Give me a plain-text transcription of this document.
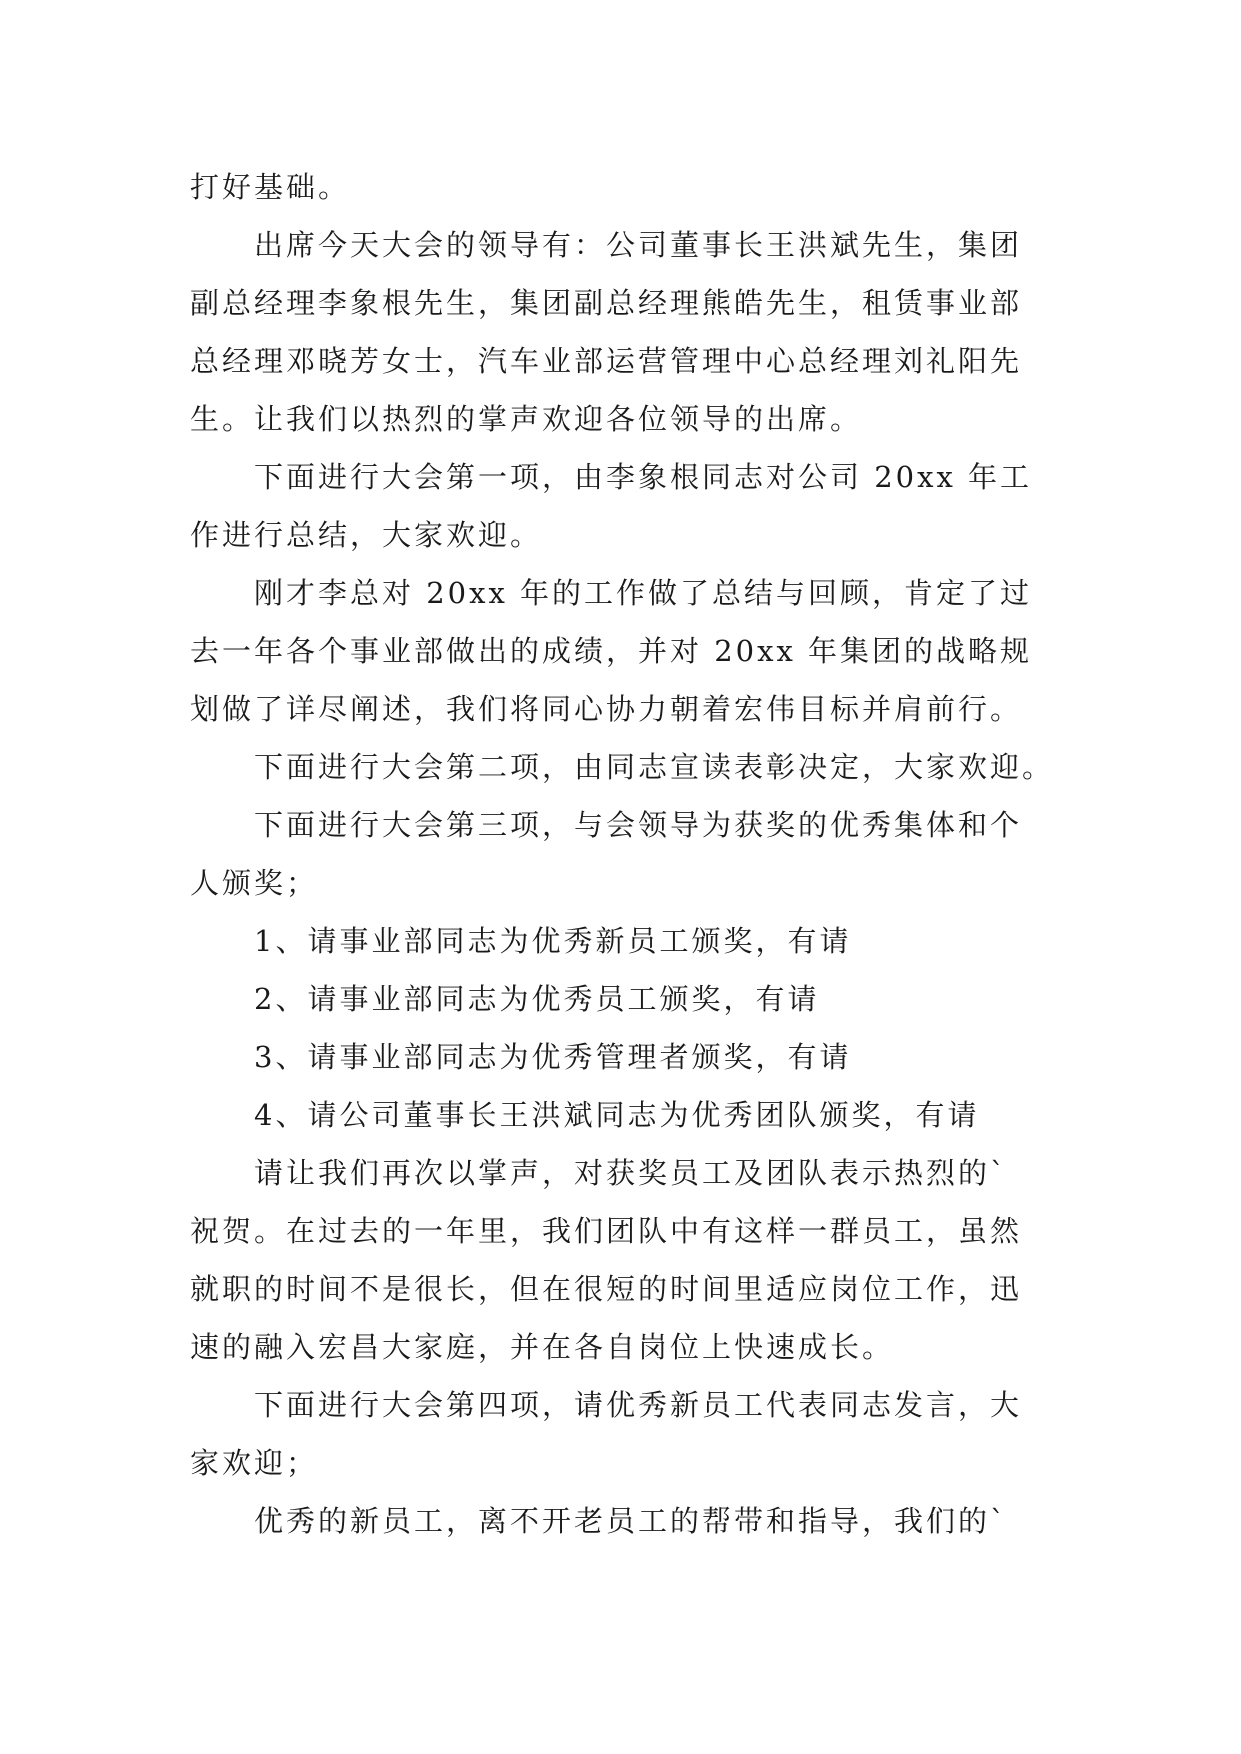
打好基础。

出席今天大会的领导有：公司董事长王洪斌先生，集团

副总经理李象根先生，集团副总经理熊皓先生，租赁事业部

总经理邓晓芳女士，汽车业部运营管理中心总经理刘礼阳先

生。让我们以热烈的掌声欢迎各位领导的出席。

下面进行大会第一项，由李象根同志对公司 20xx 年工

作进行总结，大家欢迎。

刚才李总对 20xx 年的工作做了总结与回顾，肯定了过

去一年各个事业部做出的成绩，并对 20xx 年集团的战略规

划做了详尽阐述，我们将同心协力朝着宏伟目标并肩前行。

下面进行大会第二项，由同志宣读表彰决定，大家欢迎。

下面进行大会第三项，与会领导为获奖的优秀集体和个

人颁奖；

1、请事业部同志为优秀新员工颁奖，有请

2、请事业部同志为优秀员工颁奖，有请

3、请事业部同志为优秀管理者颁奖，有请

4、请公司董事长王洪斌同志为优秀团队颁奖，有请

请让我们再次以掌声，对获奖员工及团队表示热烈的`

祝贺。在过去的一年里，我们团队中有这样一群员工，虽然

就职的时间不是很长，但在很短的时间里适应岗位工作，迅

速的融入宏昌大家庭，并在各自岗位上快速成长。

下面进行大会第四项，请优秀新员工代表同志发言，大

家欢迎；

优秀的新员工，离不开老员工的帮带和指导，我们的`
